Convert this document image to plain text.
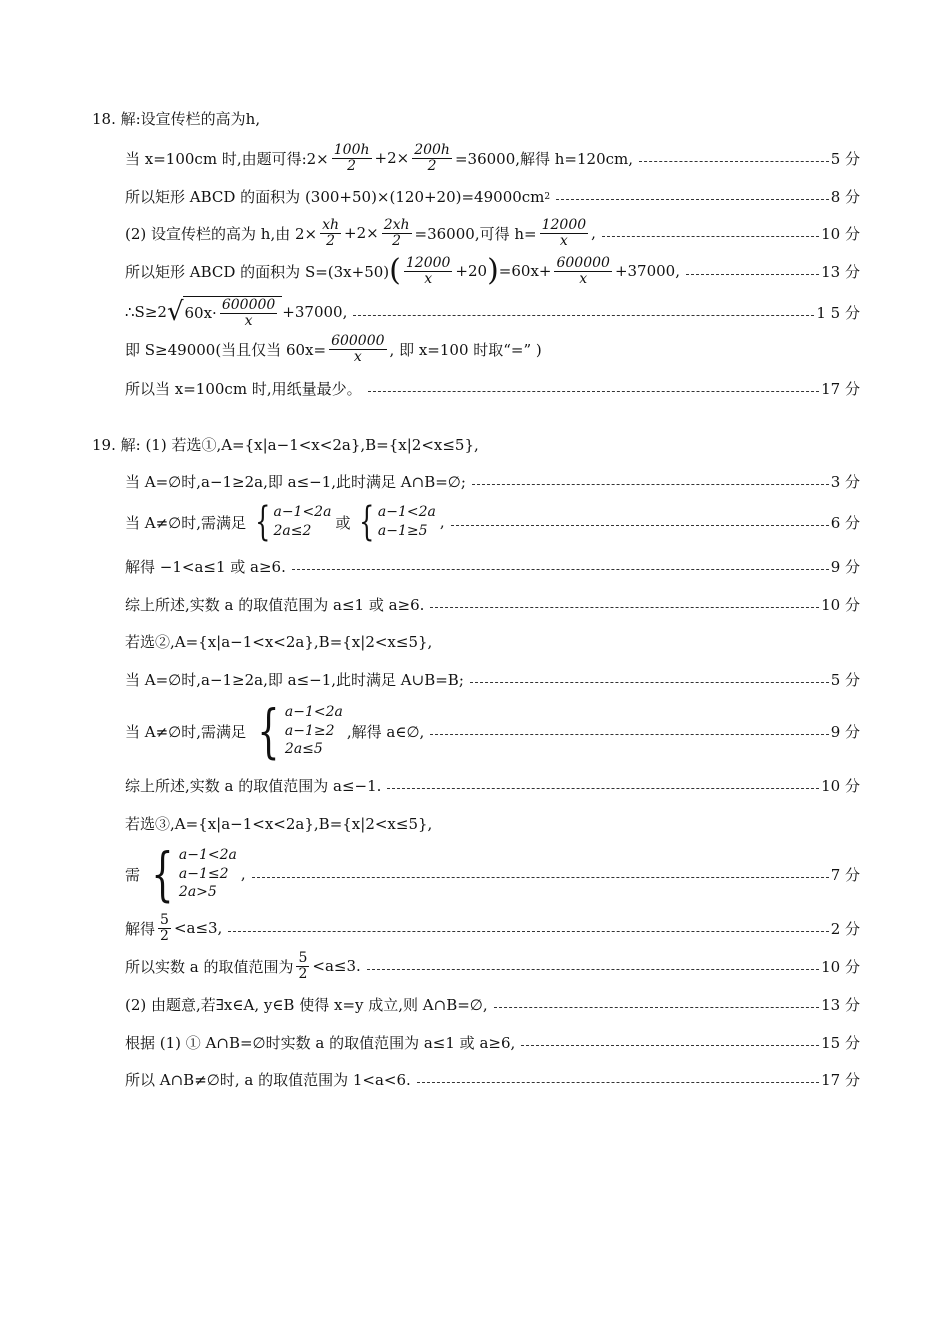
18. 解:设宣传栏的高为h,
当 x=100cm 时,由题可得:2× $\frac{100h}{2} +2\times \frac{200h}{2} =36000$,解得 h=120cm,	5 分
所以矩形 ABCD 的面积为 (300+50)×(120+20)=49000cm 2	8 分
(2) 设宣传栏的高为 h,由 $2\times \frac{xh}{2} +2\times \frac{2xh}{2} =36000$,可得 $h= \frac{12000}{x}$ ,	10 分
所以矩形 ABCD 的面积为 S=(3x+50) ( $\frac{12000}{x} +20$ ) $=60x+ \frac{600000}{x} +37000$,	13 分
∴S≥2 √ $60x\cdot \frac{600000}{x} +37000$,	1 5 分
即 S≥49000(当且仅当 $60x= \frac{600000}{x}$ , 即 x=100 时取“=” )
所以当 x=100cm 时,用纸量最少。	17 分
19. 解: (1) 若选①,A={x|a−1<x<2a},B={x|2<x≤5},
当 A=∅时,a−1≥2a,即 a≤−1,此时满足 A∩B=∅;	3 分
当 A≠∅时,需满足 { a−1<2a
2a≤2	或 { a−1<2a
a−1≥5 ,	6 分
解得 −1<a≤1 或 a≥6.	9 分
综上所述,实数 a 的取值范围为 a≤1 或 a≥6.	10 分
若选②,A={x|a−1<x<2a},B={x|2<x≤5},
当 A=∅时,a−1≥2a,即 a≤−1,此时满足 A∪B=B;	5 分
当 A≠∅时,需满足 { a−1<2a
a−1≥2
2a≤5
,解得 a∈∅,	9 分
综上所述,实数 a 的取值范围为 a≤−1.	10 分
若选③,A={x|a−1<x<2a},B={x|2<x≤5},
需 { a−1<2a
a−1≤2
2a>5
,	7 分
解得 $\frac{5}{2} <a\le 3$,	2 分
所以实数 a 的取值范围为 $\frac{5}{2} <a\le 3$.	10 分
(2) 由题意,若∃x∈A, y∈B 使得 x=y 成立,则 A∩B=∅,	13 分
根据 (1) ① A∩B=∅时实数 a 的取值范围为 a≤1 或 a≥6,	15 分
所以 A∩B≠∅时, a 的取值范围为 1<a<6.	17 分
